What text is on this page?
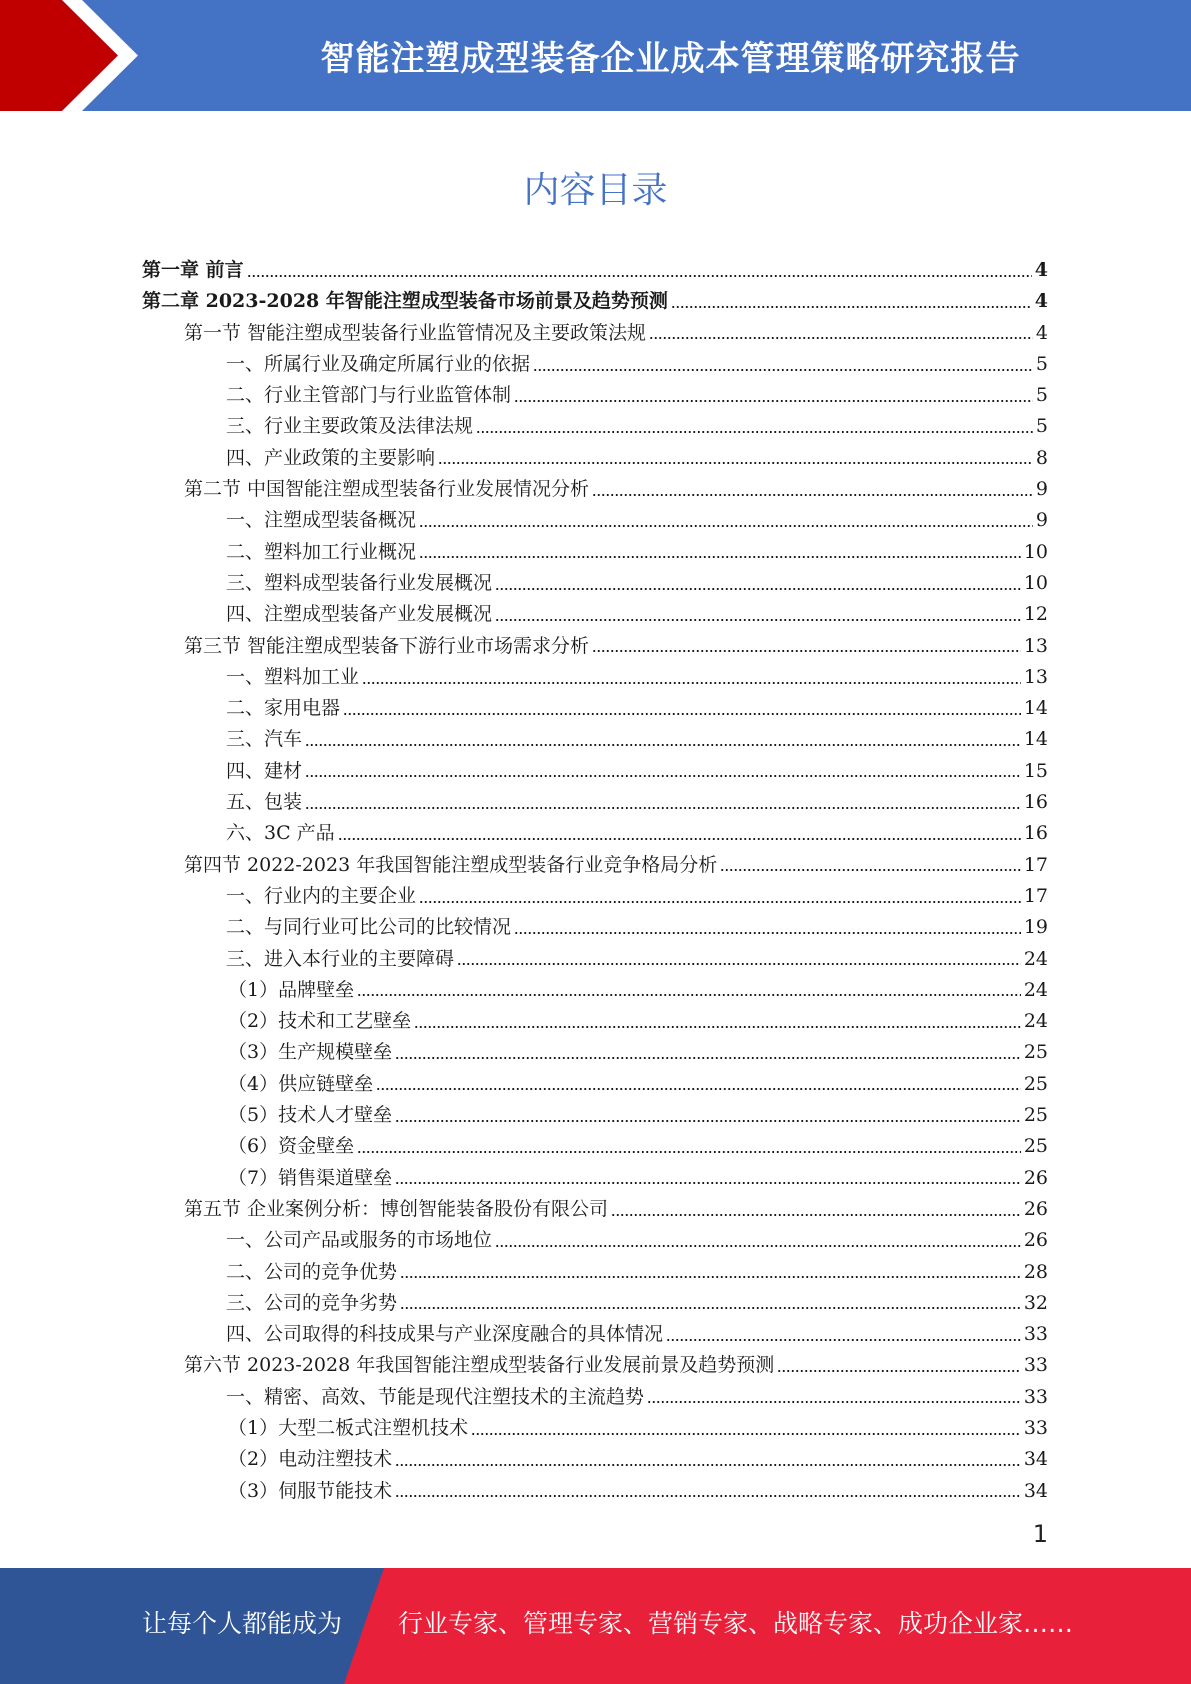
智能注塑成型装备企业成本管理策略研究报告
内容目录
第一章 前言	4
第二章 2023-2028 年智能注塑成型装备市场前景及趋势预测	4
第一节 智能注塑成型装备行业监管情况及主要政策法规	4
一、所属行业及确定所属行业的依据	5
二、行业主管部门与行业监管体制	5
三、行业主要政策及法律法规	5
四、产业政策的主要影响	8
第二节 中国智能注塑成型装备行业发展情况分析	9
一、注塑成型装备概况	9
二、塑料加工行业概况	10
三、塑料成型装备行业发展概况	10
四、注塑成型装备产业发展概况	12
第三节 智能注塑成型装备下游行业市场需求分析	13
一、塑料加工业	13
二、家用电器	14
三、汽车	14
四、建材	15
五、包装	16
六、3C 产品	16
第四节 2022-2023 年我国智能注塑成型装备行业竞争格局分析	17
一、行业内的主要企业	17
二、与同行业可比公司的比较情况	19
三、进入本行业的主要障碍	24
（1）品牌壁垒	24
（2）技术和工艺壁垒	24
（3）生产规模壁垒	25
（4）供应链壁垒	25
（5）技术人才壁垒	25
（6）资金壁垒	25
（7）销售渠道壁垒	26
第五节 企业案例分析：博创智能装备股份有限公司	26
一、公司产品或服务的市场地位	26
二、公司的竞争优势	28
三、公司的竞争劣势	32
四、公司取得的科技成果与产业深度融合的具体情况	33
第六节 2023-2028 年我国智能注塑成型装备行业发展前景及趋势预测	33
一、精密、高效、节能是现代注塑技术的主流趋势	33
（1）大型二板式注塑机技术	33
（2）电动注塑技术	34
（3）伺服节能技术	34
1
让每个人都能成为 行业专家、管理专家、营销专家、战略专家、成功企业家……
